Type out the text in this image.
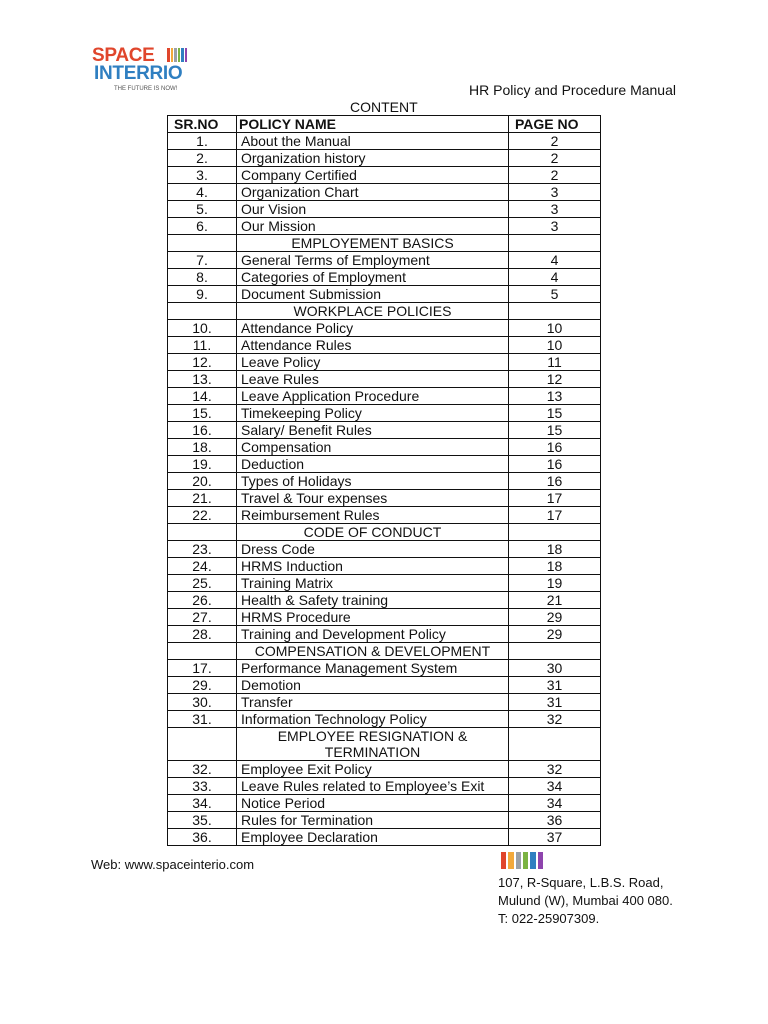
SPACE
INTERRIO
THE FUTURE IS NOW!	HR Policy and Procedure Manual
CONTENT
SR.NO	POLICY NAME	PAGE NO
1.	About the Manual	2
2.	Organization history	2
3.	Company Certified	2
4.	Organization Chart	3
5.	Our Vision	3
6.	Our Mission	3

	EMPLOYEMENT BASICS	

7.	General Terms of Employment	4
8.	Categories of Employment	4
9.	Document Submission	5

	WORKPLACE POLICIES	

10.	Attendance Policy	10
11.	Attendance Rules	10
12.	Leave Policy	11
13.	Leave Rules	12
14.	Leave Application Procedure	13
15.	Timekeeping Policy	15
16.	Salary/ Benefit Rules	15
18.	Compensation	16
19.	Deduction	16
20.	Types of Holidays	16
21.	Travel & Tour expenses	17
22.	Reimbursement Rules	17

	CODE OF CONDUCT	

23.	Dress Code	18
24.	HRMS Induction	18
25.	Training Matrix	19
26.	Health & Safety training	21
27.	HRMS Procedure	29
28.	Training and Development Policy	29

	COMPENSATION & DEVELOPMENT	

17.	Performance Management System	30
29.	Demotion	31
30.	Transfer	31
31.	Information Technology Policy	32

	EMPLOYEE RESIGNATION &
TERMINATION	

32.	Employee Exit Policy	32
33.	Leave Rules related to Employee’s Exit	34
34.	Notice Period	34
35.	Rules for Termination	36
36.	Employee Declaration	37
Web: www.spaceinterio.com
107, R-Square, L.B.S. Road,
Mulund (W), Mumbai 400 080.
T: 022-25907309.
